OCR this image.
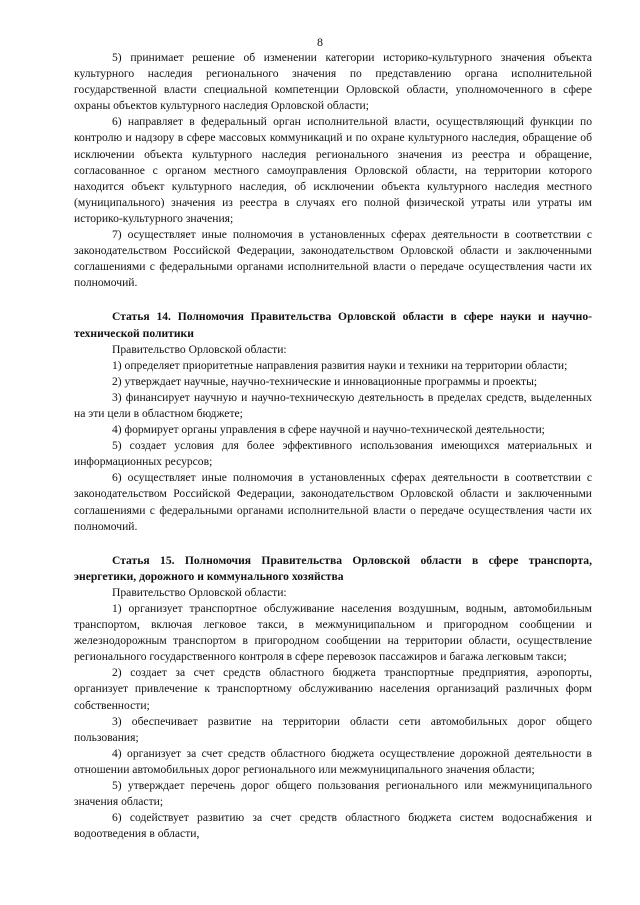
8

5) принимает решение об изменении категории историко-культурного значения объекта культурного наследия регионального значения по представлению органа исполнительной государственной власти специальной компетенции Орловской области, уполномоченного в сфере охраны объектов культурного наследия Орловской области;

6) направляет в федеральный орган исполнительной власти, осуществляющий функции по контролю и надзору в сфере массовых коммуникаций и по охране культурного наследия, обращение об исключении объекта культурного наследия регионального значения из реестра и обращение, согласованное с органом местного самоуправления Орловской области, на территории которого находится объект культурного наследия, об исключении объекта культурного наследия местного (муниципального) значения из реестра в случаях его полной физической утраты или утраты им историко-культурного значения;

7) осуществляет иные полномочия в установленных сферах деятельности в соответствии с законодательством Российской Федерации, законодательством Орловской области и заключенными соглашениями с федеральными органами исполнительной власти о передаче осуществления части их полномочий.

Статья 14. Полномочия Правительства Орловской области в сфере науки и научно-технической политики

Правительство Орловской области:

1) определяет приоритетные направления развития науки и техники на территории области;

2) утверждает научные, научно-технические и инновационные программы и проекты;

3) финансирует научную и научно-техническую деятельность в пределах средств, выделенных на эти цели в областном бюджете;

4) формирует органы управления в сфере научной и научно-технической деятельности;

5) создает условия для более эффективного использования имеющихся материальных и информационных ресурсов;

6) осуществляет иные полномочия в установленных сферах деятельности в соответствии с законодательством Российской Федерации, законодательством Орловской области и заключенными соглашениями с федеральными органами исполнительной власти о передаче осуществления части их полномочий.

Статья 15. Полномочия Правительства Орловской области в сфере транспорта, энергетики, дорожного и коммунального хозяйства

Правительство Орловской области:

1) организует транспортное обслуживание населения воздушным, водным, автомобильным транспортом, включая легковое такси, в межмуниципальном и пригородном сообщении и железнодорожным транспортом в пригородном сообщении на территории области, осуществление регионального государственного контроля в сфере перевозок пассажиров и багажа легковым такси;

2) создает за счет средств областного бюджета транспортные предприятия, аэропорты, организует привлечение к транспортному обслуживанию населения организаций различных форм собственности;

3) обеспечивает развитие на территории области сети автомобильных дорог общего пользования;

4) организует за счет средств областного бюджета осуществление дорожной деятельности в отношении автомобильных дорог регионального или межмуниципального значения области;

5) утверждает перечень дорог общего пользования регионального или межмуниципального значения области;

6) содействует развитию за счет средств областного бюджета систем водоснабжения и водоотведения в области,
